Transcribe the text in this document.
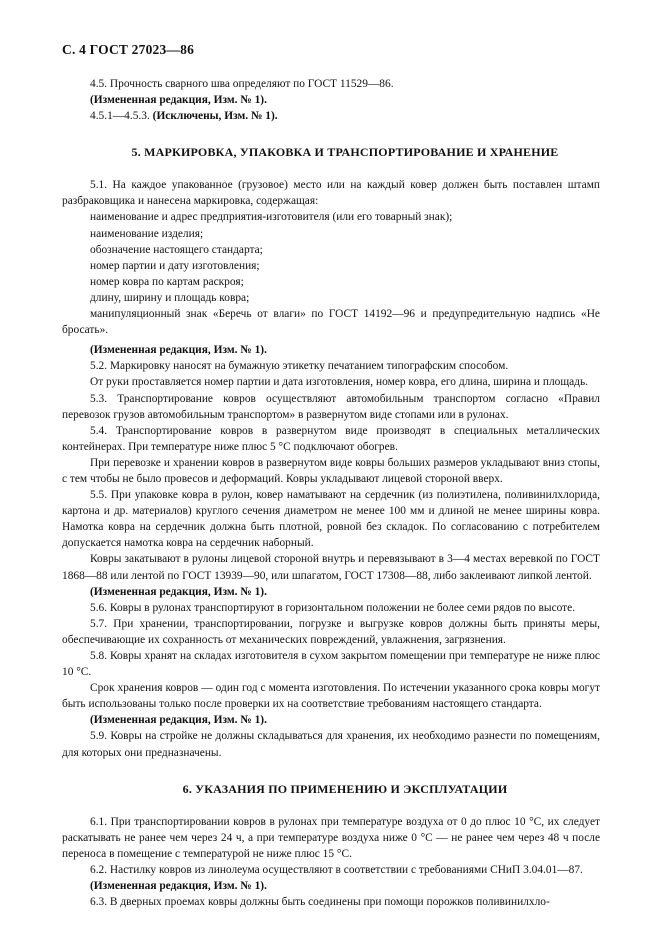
С. 4 ГОСТ 27023—86

4.5. Прочность сварного шва определяют по ГОСТ 11529—86.

(Измененная редакция, Изм. № 1).

4.5.1—4.5.3. (Исключены, Изм. № 1).

5. МАРКИРОВКА, УПАКОВКА И ТРАНСПОРТИРОВАНИЕ И ХРАНЕНИЕ

5.1. На каждое упакованное (грузовое) место или на каждый ковер должен быть поставлен штамп разбраковщика и нанесена маркировка, содержащая:

наименование и адрес предприятия-изготовителя (или его товарный знак);

наименование изделия;

обозначение настоящего стандарта;

номер партии и дату изготовления;

номер ковра по картам раскроя;

длину, ширину и площадь ковра;

манипуляционный знак «Беречь от влаги» по ГОСТ 14192—96 и предупредительную надпись «Не бросать».

(Измененная редакция, Изм. № 1).

5.2. Маркировку наносят на бумажную этикетку печатанием типографским способом.

От руки проставляется номер партии и дата изготовления, номер ковра, его длина, ширина и площадь.

5.3. Транспортирование ковров осуществляют автомобильным транспортом согласно «Правил перевозок грузов автомобильным транспортом» в развернутом виде стопами или в рулонах.

5.4. Транспортирование ковров в развернутом виде производят в специальных металлических контейнерах. При температуре ниже плюс 5 °С подключают обогрев.

При перевозке и хранении ковров в развернутом виде ковры больших размеров укладывают вниз стопы, с тем чтобы не было провесов и деформаций. Ковры укладывают лицевой стороной вверх.

5.5. При упаковке ковра в рулон, ковер наматывают на сердечник (из полиэтилена, поливинилхлорида, картона и др. материалов) круглого сечения диаметром не менее 100 мм и длиной не менее ширины ковра. Намотка ковра на сердечник должна быть плотной, ровной без складок. По согласованию с потребителем допускается намотка ковра на сердечник наборный.

Ковры закатывают в рулоны лицевой стороной внутрь и перевязывают в 3—4 местах веревкой по ГОСТ 1868—88 или лентой по ГОСТ 13939—90, или шпагатом, ГОСТ 17308—88, либо заклеивают липкой лентой.

(Измененная редакция, Изм. № 1).

5.6. Ковры в рулонах транспортируют в горизонтальном положении не более семи рядов по высоте.

5.7. При хранении, транспортировании, погрузке и выгрузке ковров должны быть приняты меры, обеспечивающие их сохранность от механических повреждений, увлажнения, загрязнения.

5.8. Ковры хранят на складах изготовителя в сухом закрытом помещении при температуре не ниже плюс 10 °С.

Срок хранения ковров — один год с момента изготовления. По истечении указанного срока ковры могут быть использованы только после проверки их на соответствие требованиям настоящего стандарта.

(Измененная редакция, Изм. № 1).

5.9. Ковры на стройке не должны складываться для хранения, их необходимо разнести по помещениям, для которых они предназначены.

6. УКАЗАНИЯ ПО ПРИМЕНЕНИЮ И ЭКСПЛУАТАЦИИ

6.1. При транспортировании ковров в рулонах при температуре воздуха от 0 до плюс 10 °С, их следует раскатывать не ранее чем через 24 ч, а при температуре воздуха ниже 0 °С — не ранее чем через 48 ч после переноса в помещение с температурой не ниже плюс 15 °С.

6.2. Настилку ковров из линолеума осуществляют в соответствии с требованиями СНиП 3.04.01—87.

(Измененная редакция, Изм. № 1).

6.3. В дверных проемах ковры должны быть соединены при помощи порожков поливинилхло-
